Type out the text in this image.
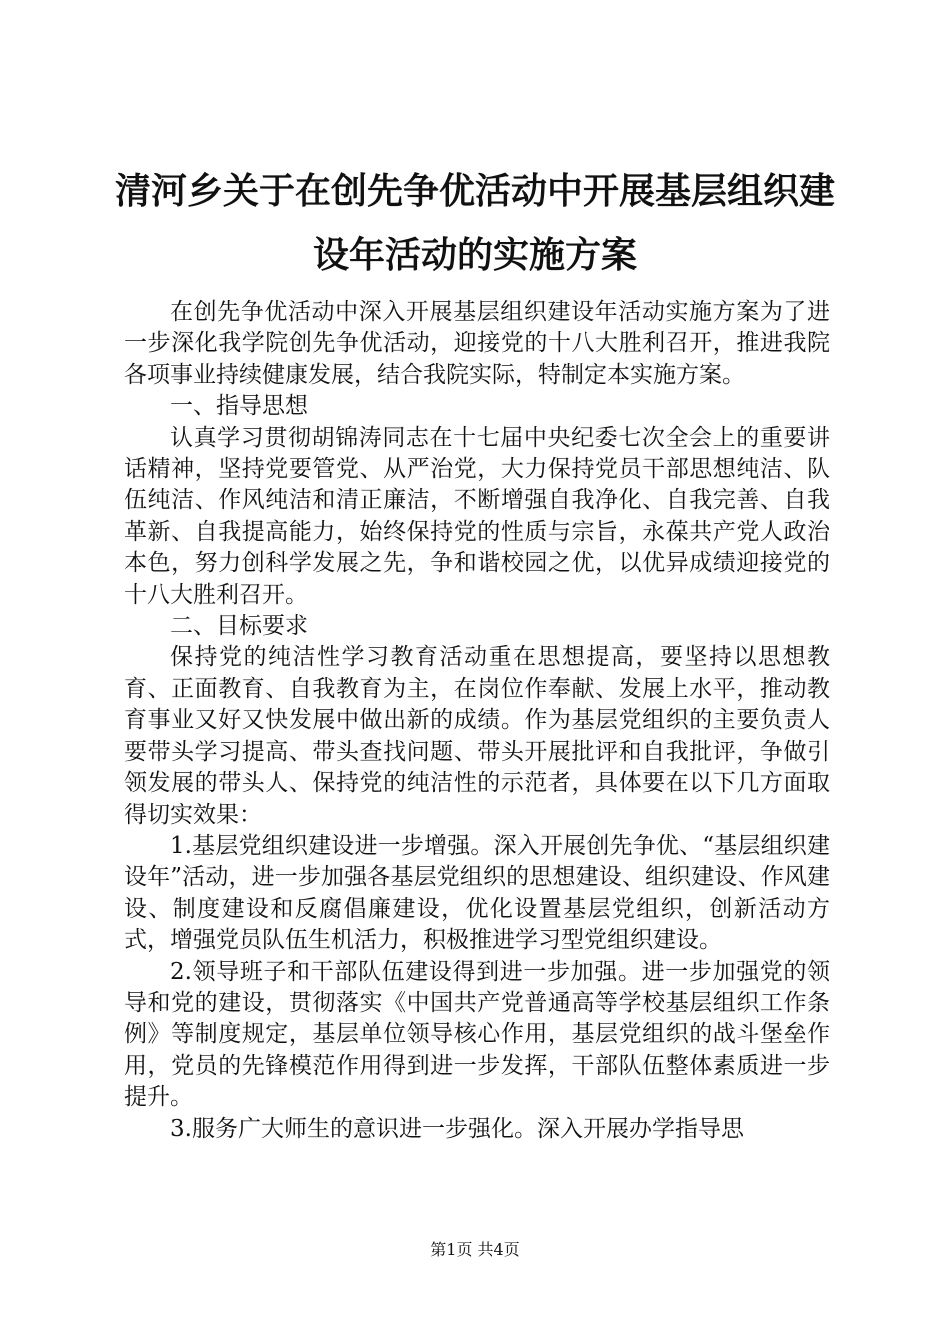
清河乡关于在创先争优活动中开展基层组织建
设年活动的实施方案

在创先争优活动中深入开展基层组织建设年活动实施方案为了进一步深化我学院创先争优活动，迎接党的十八大胜利召开，推进我院各项事业持续健康发展，结合我院实际，特制定本实施方案。

一、指导思想

认真学习贯彻胡锦涛同志在十七届中央纪委七次全会上的重要讲话精神，坚持党要管党、从严治党，大力保持党员干部思想纯洁、队伍纯洁、作风纯洁和清正廉洁，不断增强自我净化、自我完善、自我革新、自我提高能力，始终保持党的性质与宗旨，永葆共产党人政治本色，努力创科学发展之先，争和谐校园之优，以优异成绩迎接党的十八大胜利召开。

二、目标要求

保持党的纯洁性学习教育活动重在思想提高，要坚持以思想教育、正面教育、自我教育为主，在岗位作奉献、发展上水平，推动教育事业又好又快发展中做出新的成绩。作为基层党组织的主要负责人要带头学习提高、带头查找问题、带头开展批评和自我批评，争做引领发展的带头人、保持党的纯洁性的示范者，具体要在以下几方面取得切实效果：

1.基层党组织建设进一步增强。深入开展创先争优、“基层组织建设年”活动，进一步加强各基层党组织的思想建设、组织建设、作风建设、制度建设和反腐倡廉建设，优化设置基层党组织，创新活动方式，增强党员队伍生机活力，积极推进学习型党组织建设。

2.领导班子和干部队伍建设得到进一步加强。进一步加强党的领导和党的建设，贯彻落实《中国共产党普通高等学校基层组织工作条例》等制度规定，基层单位领导核心作用，基层党组织的战斗堡垒作用，党员的先锋模范作用得到进一步发挥，干部队伍整体素质进一步提升。

3.服务广大师生的意识进一步强化。深入开展办学指导思

第1页 共4页
